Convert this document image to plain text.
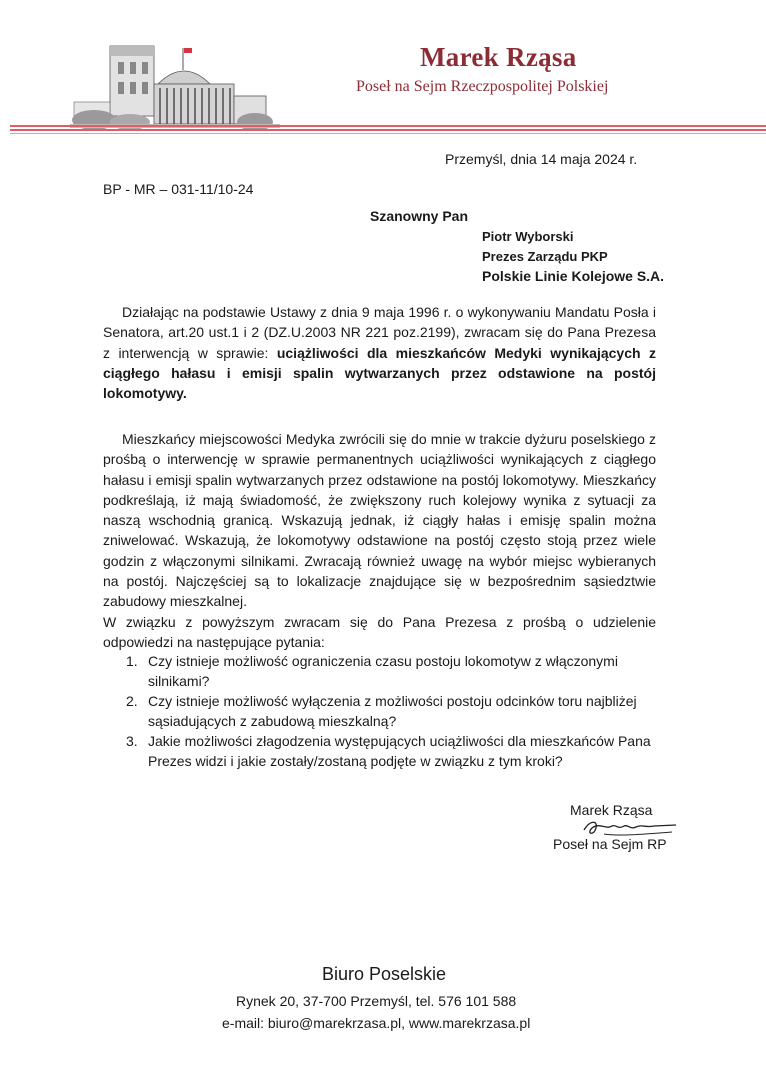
Marek Rząsa
Poseł na Sejm Rzeczpospolitej Polskiej
Przemyśl, dnia 14 maja 2024 r.
BP - MR – 031-11/10-24
Szanowny Pan
Piotr Wyborski
Prezes Zarządu PKP
Polskie Linie Kolejowe S.A.

Działając na podstawie Ustawy z dnia 9 maja 1996 r. o wykonywaniu Mandatu Posła i Senatora, art.20 ust.1 i 2 (DZ.U.2003 NR 221 poz.2199), zwracam się do Pana Prezesa z interwencją w sprawie: uciążliwości dla mieszkańców Medyki wynikających z ciągłego hałasu i emisji spalin wytwarzanych przez odstawione na postój lokomotywy.

Mieszkańcy miejscowości Medyka zwrócili się do mnie w trakcie dyżuru poselskiego z prośbą o interwencję w sprawie permanentnych uciążliwości wynikających z ciągłego hałasu i emisji spalin wytwarzanych przez odstawione na postój lokomotywy. Mieszkańcy podkreślają, iż mają świadomość, że zwiększony ruch kolejowy wynika z sytuacji za naszą wschodnią granicą. Wskazują jednak, iż ciągły hałas i emisję spalin można zniwelować. Wskazują, że lokomotywy odstawione na postój często stoją przez wiele godzin z włączonymi silnikami. Zwracają również uwagę na wybór miejsc wybieranych na postój. Najczęściej są to lokalizacje znajdujące się w bezpośrednim sąsiedztwie zabudowy mieszkalnej.

W związku z powyższym zwracam się do Pana Prezesa z prośbą o udzielenie odpowiedzi na następujące pytania:

1. Czy istnieje możliwość ograniczenia czasu postoju lokomotyw z włączonymi silnikami?
2. Czy istnieje możliwość wyłączenia z możliwości postoju odcinków toru najbliżej sąsiadujących z zabudową mieszkalną?
3. Jakie możliwości złagodzenia występujących uciążliwości dla mieszkańców Pana Prezes widzi i jakie zostały/zostaną podjęte w związku z tym kroki?
Marek Rząsa
Poseł na Sejm RP
Biuro Poselskie
Rynek 20, 37-700 Przemyśl, tel. 576 101 588
e-mail: biuro@marekrzasa.pl, www.marekrzasa.pl
